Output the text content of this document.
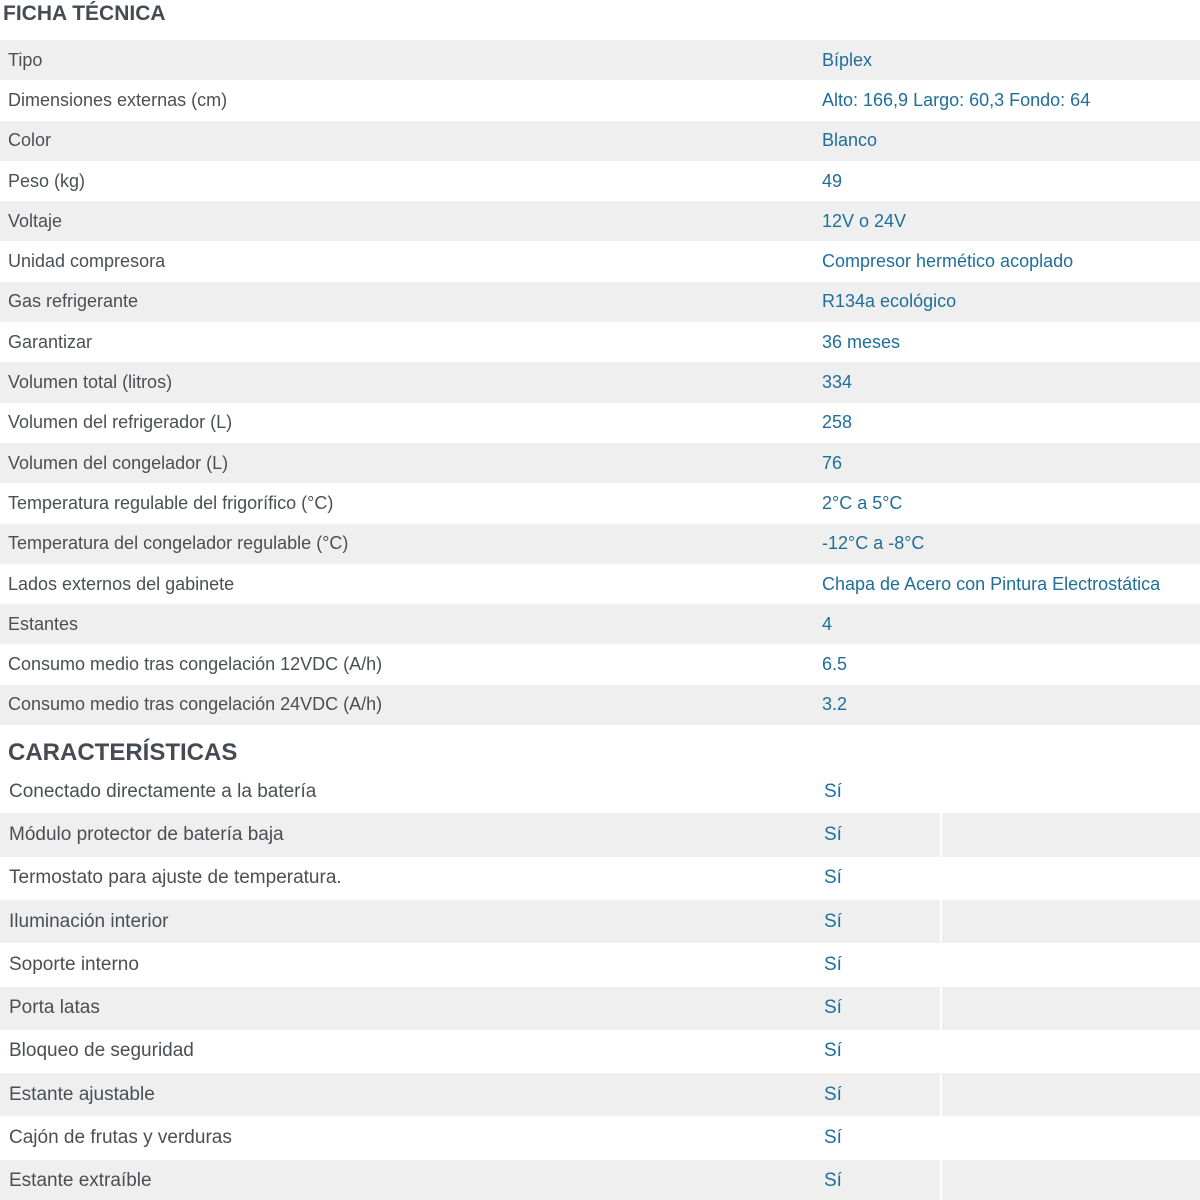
FICHA TÉCNICA
Tipo	Bíplex
Dimensiones externas (cm)	Alto: 166,9 Largo: 60,3 Fondo: 64
Color	Blanco
Peso (kg)	49
Voltaje	12V o 24V
Unidad compresora	Compresor hermético acoplado
Gas refrigerante	R134a ecológico
Garantizar	36 meses
Volumen total (litros)	334
Volumen del refrigerador (L)	258
Volumen del congelador (L)	76
Temperatura regulable del frigorífico (°C)	2°C a 5°C
Temperatura del congelador regulable (°C)	-12°C a -8°C
Lados externos del gabinete	Chapa de Acero con Pintura Electrostática
Estantes	4
Consumo medio tras congelación 12VDC (A/h)	6.5
Consumo medio tras congelación 24VDC (A/h)	3.2
CARACTERÍSTICAS
Conectado directamente a la batería	Sí	
Módulo protector de batería baja	Sí	
Termostato para ajuste de temperatura.	Sí	
Iluminación interior	Sí	
Soporte interno	Sí	
Porta latas	Sí	
Bloqueo de seguridad	Sí	
Estante ajustable	Sí	
Cajón de frutas y verduras	Sí	
Estante extraíble	Sí	
